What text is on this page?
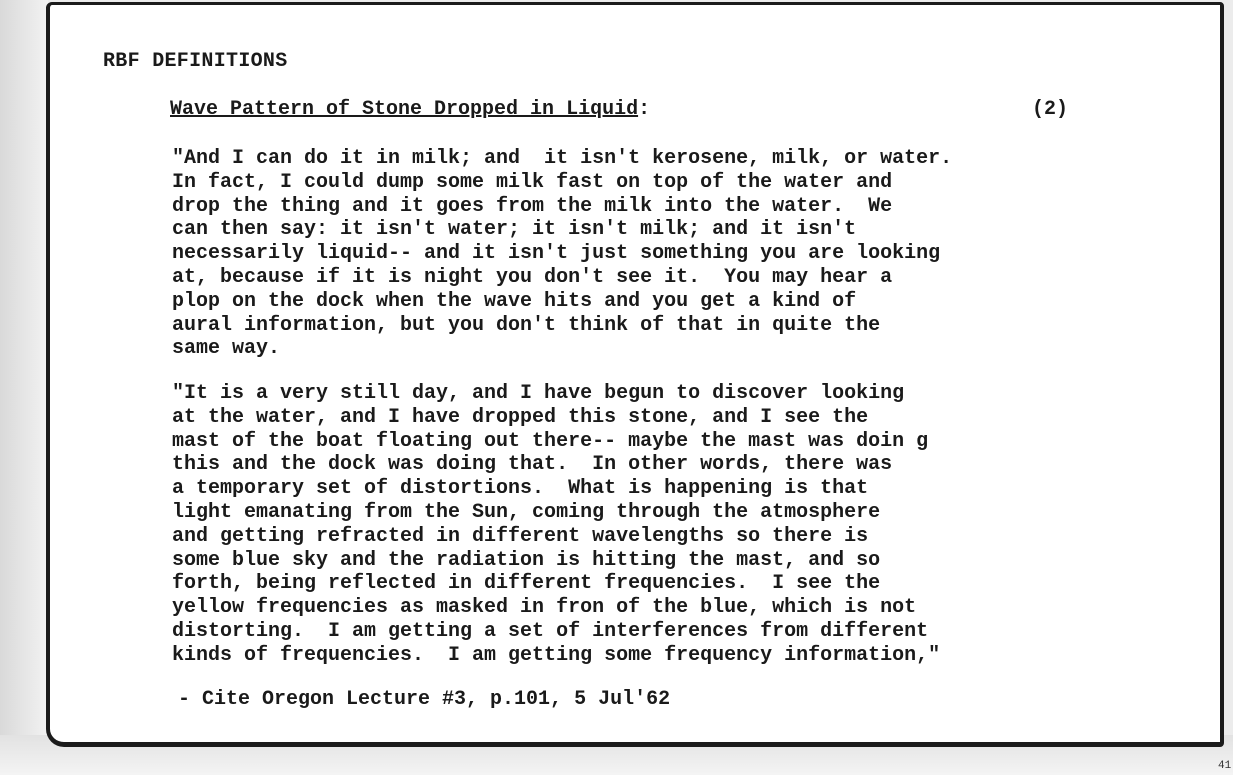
RBF DEFINITIONS
Wave Pattern of Stone Dropped in Liquid:	(2)

"And I can do it in milk; and  it isn't kerosene, milk, or water.
In fact, I could dump some milk fast on top of the water and
drop the thing and it goes from the milk into the water.  We
can then say: it isn't water; it isn't milk; and it isn't
necessarily liquid-- and it isn't just something you are looking
at, because if it is night you don't see it.  You may hear a
plop on the dock when the wave hits and you get a kind of
aural information, but you don't think of that in quite the
same way.

"It is a very still day, and I have begun to discover looking
at the water, and I have dropped this stone, and I see the
mast of the boat floating out there-- maybe the mast was doin g
this and the dock was doing that.  In other words, there was
a temporary set of distortions.  What is happening is that
light emanating from the Sun, coming through the atmosphere
and getting refracted in different wavelengths so there is
some blue sky and the radiation is hitting the mast, and so
forth, being reflected in different frequencies.  I see the
yellow frequencies as masked in fron of the blue, which is not
distorting.  I am getting a set of interferences from different
kinds of frequencies.  I am getting some frequency information,"

- Cite Oregon Lecture #3, p.101, 5 Jul'62
41
